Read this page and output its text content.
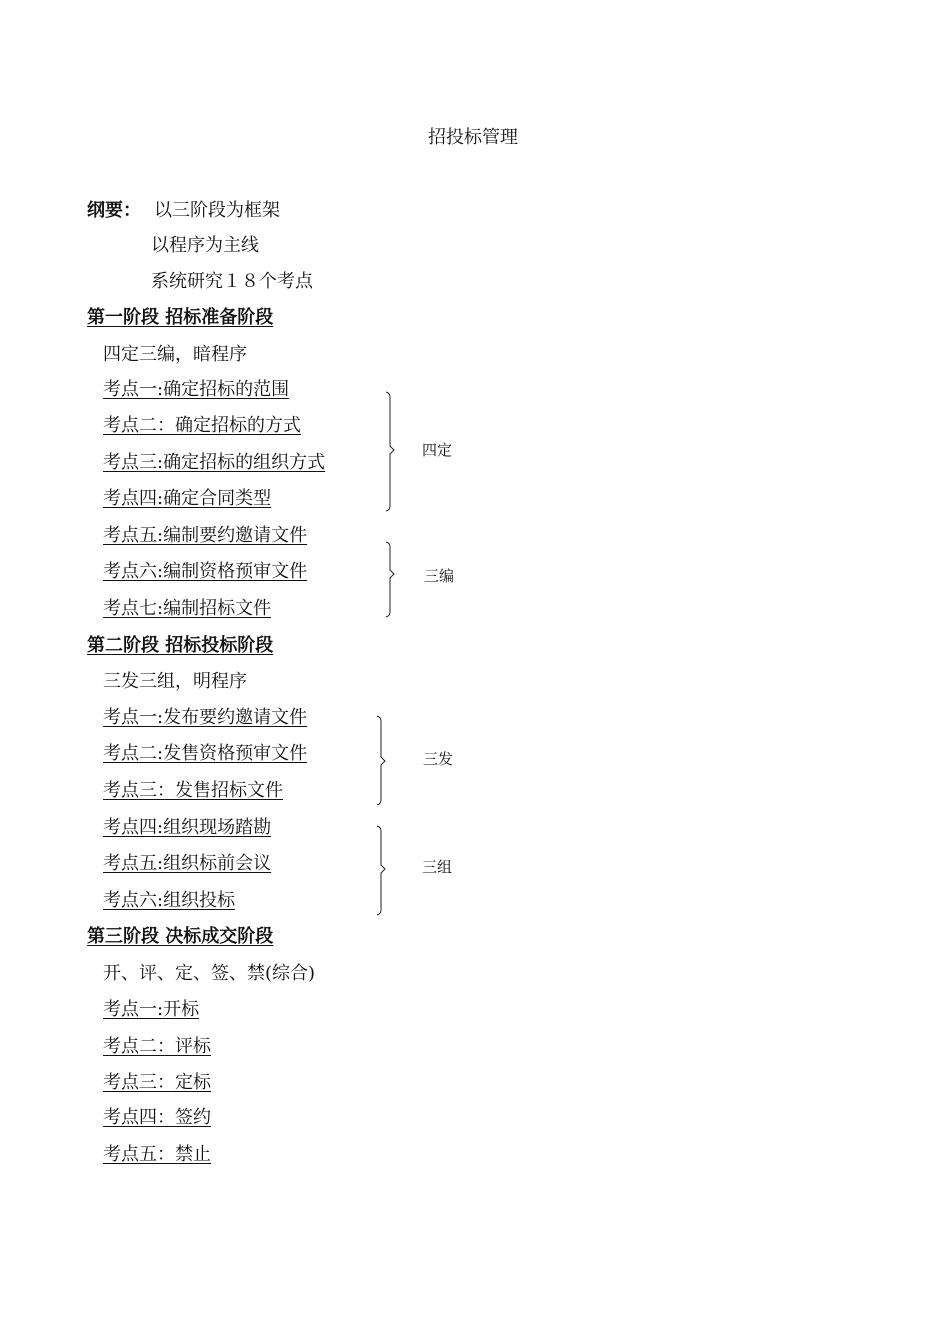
招投标管理
纲要： 以三阶段为框架
以程序为主线
系统研究１８个考点
第一阶段 招标准备阶段
四定三编，暗程序
考点一:确定招标的范围
考点二：确定招标的方式
考点三:确定招标的组织方式
考点四:确定合同类型
考点五:编制要约邀请文件
考点六:编制资格预审文件
考点七:编制招标文件
四定
三编
第二阶段 招标投标阶段
三发三组，明程序
考点一:发布要约邀请文件
考点二:发售资格预审文件
考点三：发售招标文件
考点四:组织现场踏勘
考点五:组织标前会议
考点六:组织投标
三发
三组
第三阶段 决标成交阶段
开、评、定、签、禁(综合)
考点一:开标
考点二：评标
考点三：定标
考点四：签约
考点五：禁止
